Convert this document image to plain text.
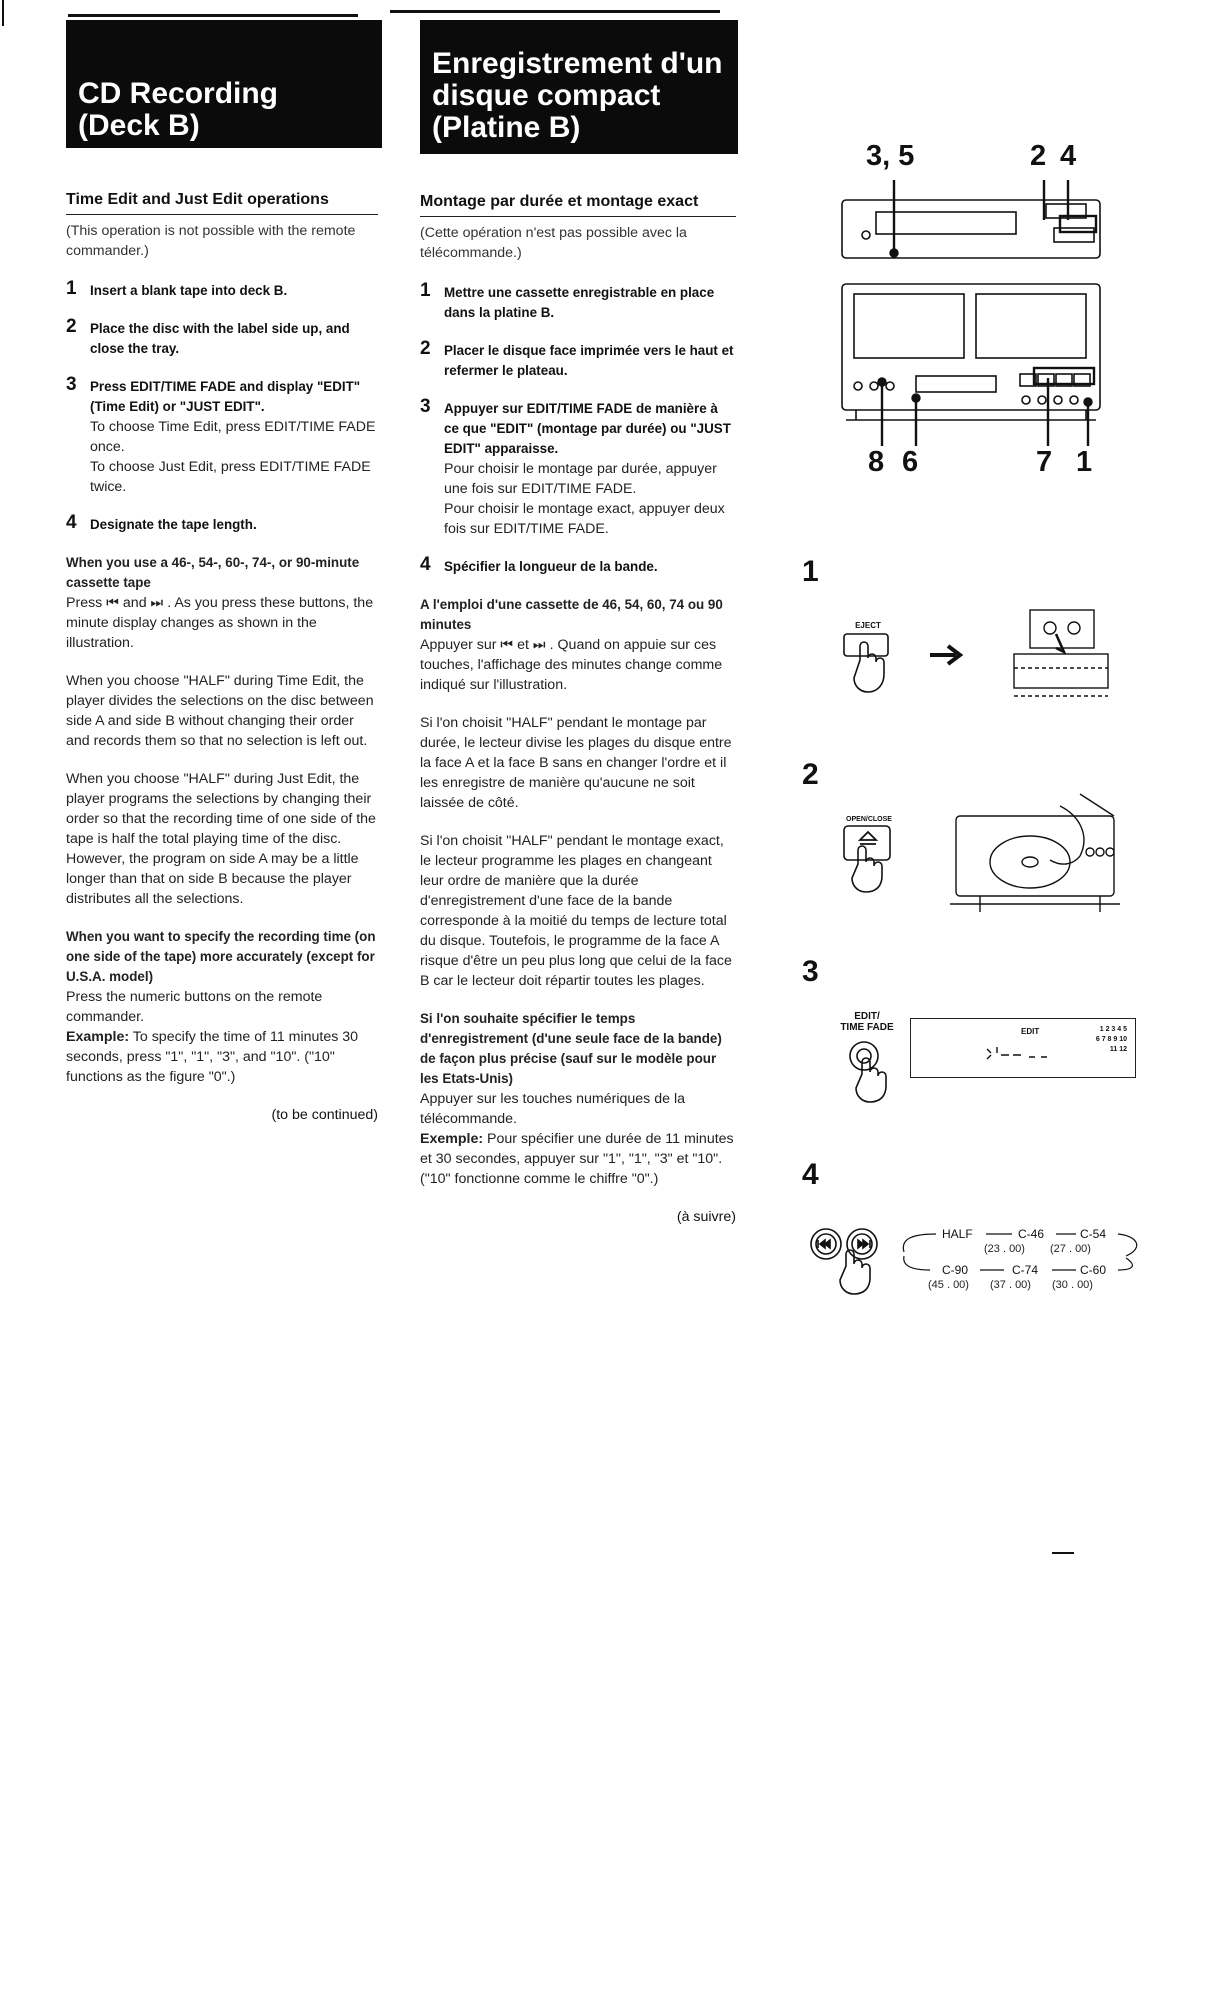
CD Recording
(Deck B)
Enregistrement d'un
disque compact
(Platine B)
Time Edit and Just Edit operations
(This operation is not possible with the remote commander.)
1 Insert a blank tape into deck B.
2 Place the disc with the label side up, and close the tray.
3 Press EDIT/TIME FADE and display "EDIT" (Time Edit) or "JUST EDIT".
To choose Time Edit, press EDIT/TIME FADE once.
To choose Just Edit, press EDIT/TIME FADE twice.
4 Designate the tape length.
When you use a 46-, 54-, 60-, 74-, or 90-minute cassette tape
Press ⏮ and ⏭ . As you press these buttons, the minute display changes as shown in the illustration.
When you choose "HALF" during Time Edit, the player divides the selections on the disc between side A and side B without changing their order and records them so that no selection is left out.
When you choose "HALF" during Just Edit, the player programs the selections by changing their order so that the recording time of one side of the tape is half the total playing time of the disc. However, the program on side A may be a little longer than that on side B because the player distributes all the selections.
When you want to specify the recording time (on one side of the tape) more accurately (except for U.S.A. model)
Press the numeric buttons on the remote commander.
Example: To specify the time of 11 minutes 30 seconds, press "1", "1", "3", and "10". ("10" functions as the figure "0".)
(to be continued)
Montage par durée et montage exact
(Cette opération n'est pas possible avec la télécommande.)
1 Mettre une cassette enregistrable en place dans la platine B.
2 Placer le disque face imprimée vers le haut et refermer le plateau.
3 Appuyer sur EDIT/TIME FADE de manière à ce que "EDIT" (montage par durée) ou "JUST EDIT" apparaisse.
Pour choisir le montage par durée, appuyer une fois sur EDIT/TIME FADE.
Pour choisir le montage exact, appuyer deux fois sur EDIT/TIME FADE.
4 Spécifier la longueur de la bande.
A l'emploi d'une cassette de 46, 54, 60, 74 ou 90 minutes
Appuyer sur ⏮ et ⏭ . Quand on appuie sur ces touches, l'affichage des minutes change comme indiqué sur l'illustration.
Si l'on choisit "HALF" pendant le montage par durée, le lecteur divise les plages du disque entre la face A et la face B sans en changer l'ordre et il les enregistre de manière qu'aucune ne soit laissée de côté.
Si l'on choisit "HALF" pendant le montage exact, le lecteur programme les plages en changeant leur ordre de manière que la durée d'enregistrement d'une face de la bande corresponde à la moitié du temps de lecture total du disque. Toutefois, le programme de la face A risque d'être un peu plus long que celui de la face B car le lecteur doit répartir toutes les plages.
Si l'on souhaite spécifier le temps d'enregistrement (d'une seule face de la bande) de façon plus précise (sauf sur le modèle pour les Etats-Unis)
Appuyer sur les touches numériques de la télécommande.
Exemple: Pour spécifier une durée de 11 minutes et 30 secondes, appuyer sur "1", "1", "3" et "10". ("10" fonctionne comme le chiffre "0".)
(à suivre)
3, 5	2 4
8 6	7 1
1
EJECT
2
OPEN/CLOSE
3
EDIT/
TIME FADE	EDIT	1 2 3 4 5
6 7 8 9 10
11 12
4
HALF	C-46	C-54
(23 . 00) (27 . 00)
C-90	C-74	C-60
(45 . 00) (37 . 00) (30 . 00)
